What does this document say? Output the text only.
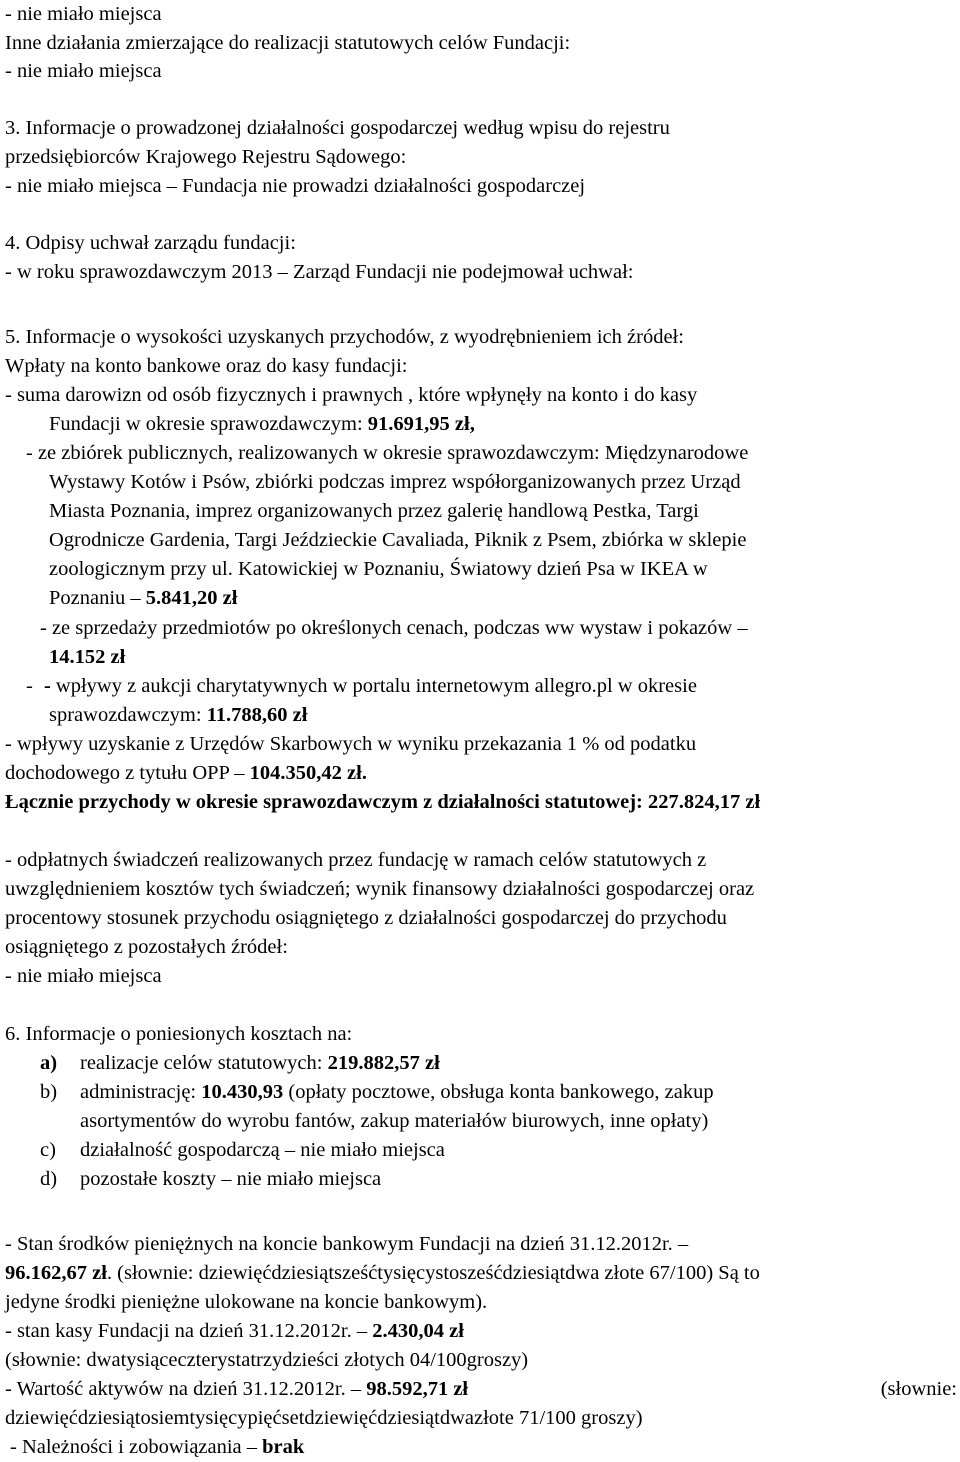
- nie miało miejsca
Inne działania zmierzające do realizacji statutowych celów Fundacji:
- nie miało miejsca
3. Informacje o prowadzonej działalności gospodarczej według wpisu do rejestru
przedsiębiorców Krajowego Rejestru Sądowego:
- nie miało miejsca – Fundacja nie prowadzi działalności gospodarczej
4. Odpisy uchwał zarządu fundacji:
- w roku sprawozdawczym 2013 – Zarząd Fundacji nie podejmował uchwał:
5. Informacje o wysokości uzyskanych przychodów, z wyodrębnieniem ich źródeł:
Wpłaty na konto bankowe oraz do kasy fundacji:
- suma darowizn od osób fizycznych i prawnych , które wpłynęły na konto i do kasy
Fundacji w okresie sprawozdawczym: 91.691,95 zł,
- ze zbiórek publicznych, realizowanych w okresie sprawozdawczym: Międzynarodowe
Wystawy Kotów i Psów, zbiórki podczas imprez współorganizowanych przez Urząd
Miasta Poznania, imprez organizowanych przez galerię handlową Pestka, Targi
Ogrodnicze Gardenia, Targi Jeździeckie Cavaliada, Piknik z Psem, zbiórka w sklepie
zoologicznym przy ul. Katowickiej w Poznaniu, Światowy dzień Psa w IKEA w
Poznaniu – 5.841,20 zł
- ze sprzedaży przedmiotów po określonych cenach, podczas ww wystaw i pokazów –
14.152 zł
- - wpływy z aukcji charytatywnych w portalu internetowym allegro.pl w okresie
sprawozdawczym: 11.788,60 zł
- wpływy uzyskanie z Urzędów Skarbowych w wyniku przekazania 1 % od podatku
dochodowego z tytułu OPP – 104.350,42 zł.
Łącznie przychody w okresie sprawozdawczym z działalności statutowej: 227.824,17 zł
- odpłatnych świadczeń realizowanych przez fundację w ramach celów statutowych z
uwzględnieniem kosztów tych świadczeń; wynik finansowy działalności gospodarczej oraz
procentowy stosunek przychodu osiągniętego z działalności gospodarczej do przychodu
osiągniętego z pozostałych źródeł:
- nie miało miejsca
6. Informacje o poniesionych kosztach na:
a) realizacje celów statutowych: 219.882,57 zł
b) administrację: 10.430,93 (opłaty pocztowe, obsługa konta bankowego, zakup
asortymentów do wyrobu fantów, zakup materiałów biurowych, inne opłaty)
c) działalność gospodarczą – nie miało miejsca
d) pozostałe koszty – nie miało miejsca
- Stan środków pieniężnych na koncie bankowym Fundacji na dzień 31.12.2012r. –
96.162,67 zł. (słownie: dziewięćdziesiątsześćtysięcystosześćdziesiątdwa złote 67/100) Są to
jedyne środki pieniężne ulokowane na koncie bankowym).
- stan kasy Fundacji na dzień 31.12.2012r. – 2.430,04 zł
(słownie: dwatysiąceczterystatrzydzieści złotych 04/100groszy)
- Wartość aktywów na dzień 31.12.2012r. – 98.592,71 zł	(słownie:
dziewięćdziesiątosiemtysięcypięćsetdziewięćdziesiątdwazłote 71/100 groszy)
- Należności i zobowiązania – brak
